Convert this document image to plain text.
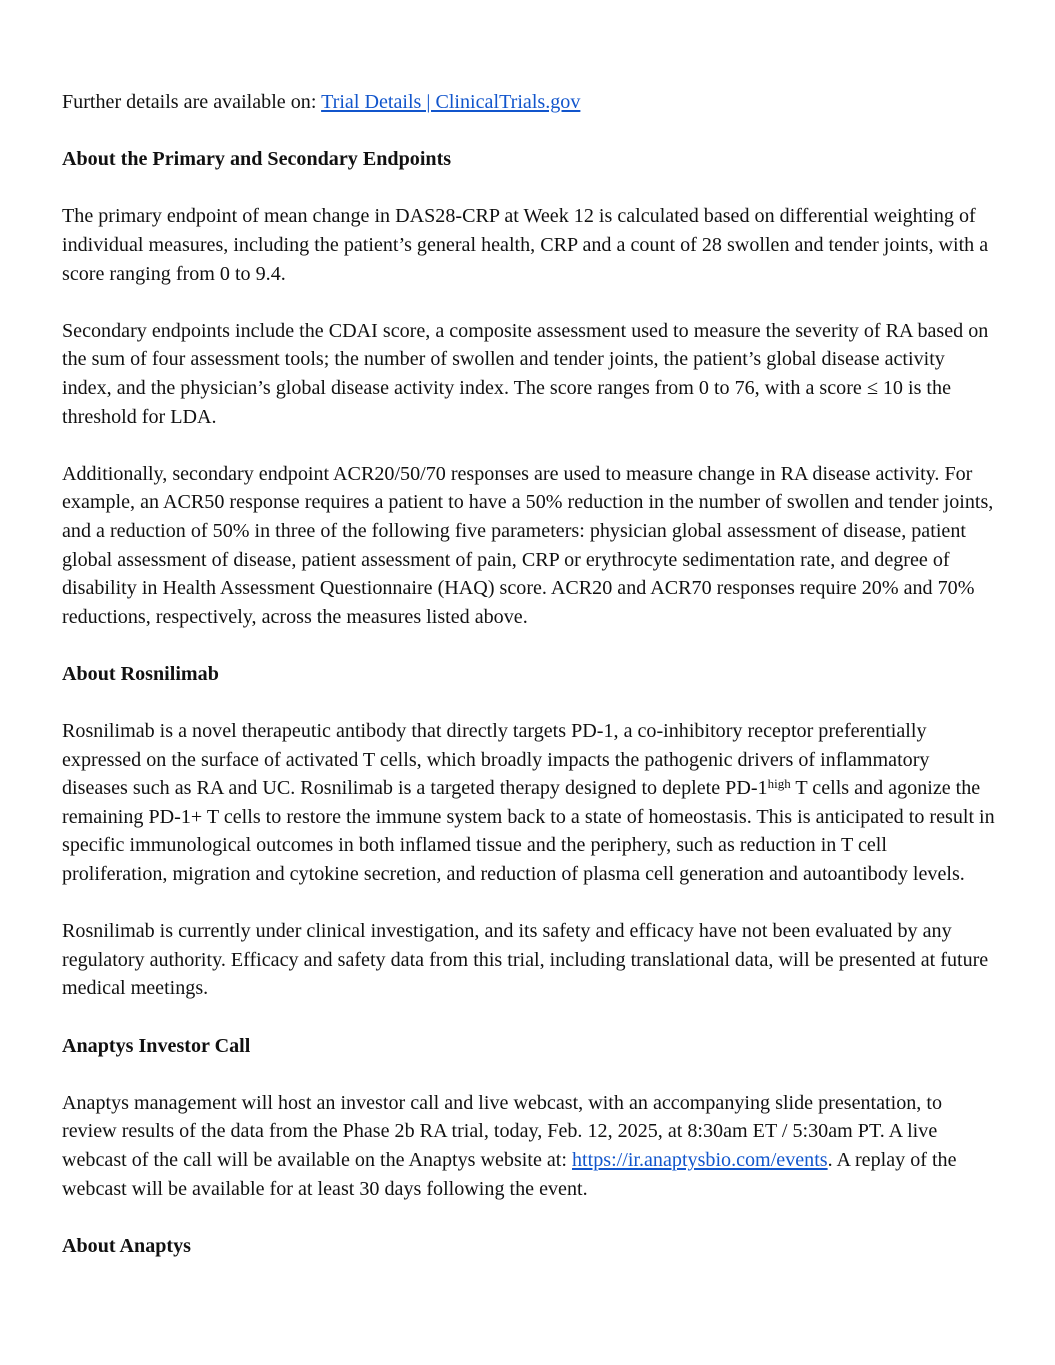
Further details are available on: Trial Details | ClinicalTrials.gov

About the Primary and Secondary Endpoints

The primary endpoint of mean change in DAS28-CRP at Week 12 is calculated based on differential weighting of individual measures, including the patient’s general health, CRP and a count of 28 swollen and tender joints, with a score ranging from 0 to 9.4.

Secondary endpoints include the CDAI score, a composite assessment used to measure the severity of RA based on the sum of four assessment tools; the number of swollen and tender joints, the patient’s global disease activity index, and the physician’s global disease activity index. The score ranges from 0 to 76, with a score ≤ 10 is the threshold for LDA.

Additionally, secondary endpoint ACR20/50/70 responses are used to measure change in RA disease activity. For example, an ACR50 response requires a patient to have a 50% reduction in the number of swollen and tender joints, and a reduction of 50% in three of the following five parameters: physician global assessment of disease, patient global assessment of disease, patient assessment of pain, CRP or erythrocyte sedimentation rate, and degree of disability in Health Assessment Questionnaire (HAQ) score. ACR20 and ACR70 responses require 20% and 70% reductions, respectively, across the measures listed above.

About Rosnilimab

Rosnilimab is a novel therapeutic antibody that directly targets PD-1, a co-inhibitory receptor preferentially expressed on the surface of activated T cells, which broadly impacts the pathogenic drivers of inflammatory diseases such as RA and UC. Rosnilimab is a targeted therapy designed to deplete $PD-1^{high}$ T cells and agonize the remaining PD-1+ T cells to restore the immune system back to a state of homeostasis. This is anticipated to result in specific immunological outcomes in both inflamed tissue and the periphery, such as reduction in T cell proliferation, migration and cytokine secretion, and reduction of plasma cell generation and autoantibody levels.

Rosnilimab is currently under clinical investigation, and its safety and efficacy have not been evaluated by any regulatory authority. Efficacy and safety data from this trial, including translational data, will be presented at future medical meetings.

Anaptys Investor Call

Anaptys management will host an investor call and live webcast, with an accompanying slide presentation, to review results of the data from the Phase 2b RA trial, today, Feb. 12, 2025, at 8:30am ET / 5:30am PT. A live webcast of the call will be available on the Anaptys website at: https://ir.anaptysbio.com/events. A replay of the webcast will be available for at least 30 days following the event.

About Anaptys
